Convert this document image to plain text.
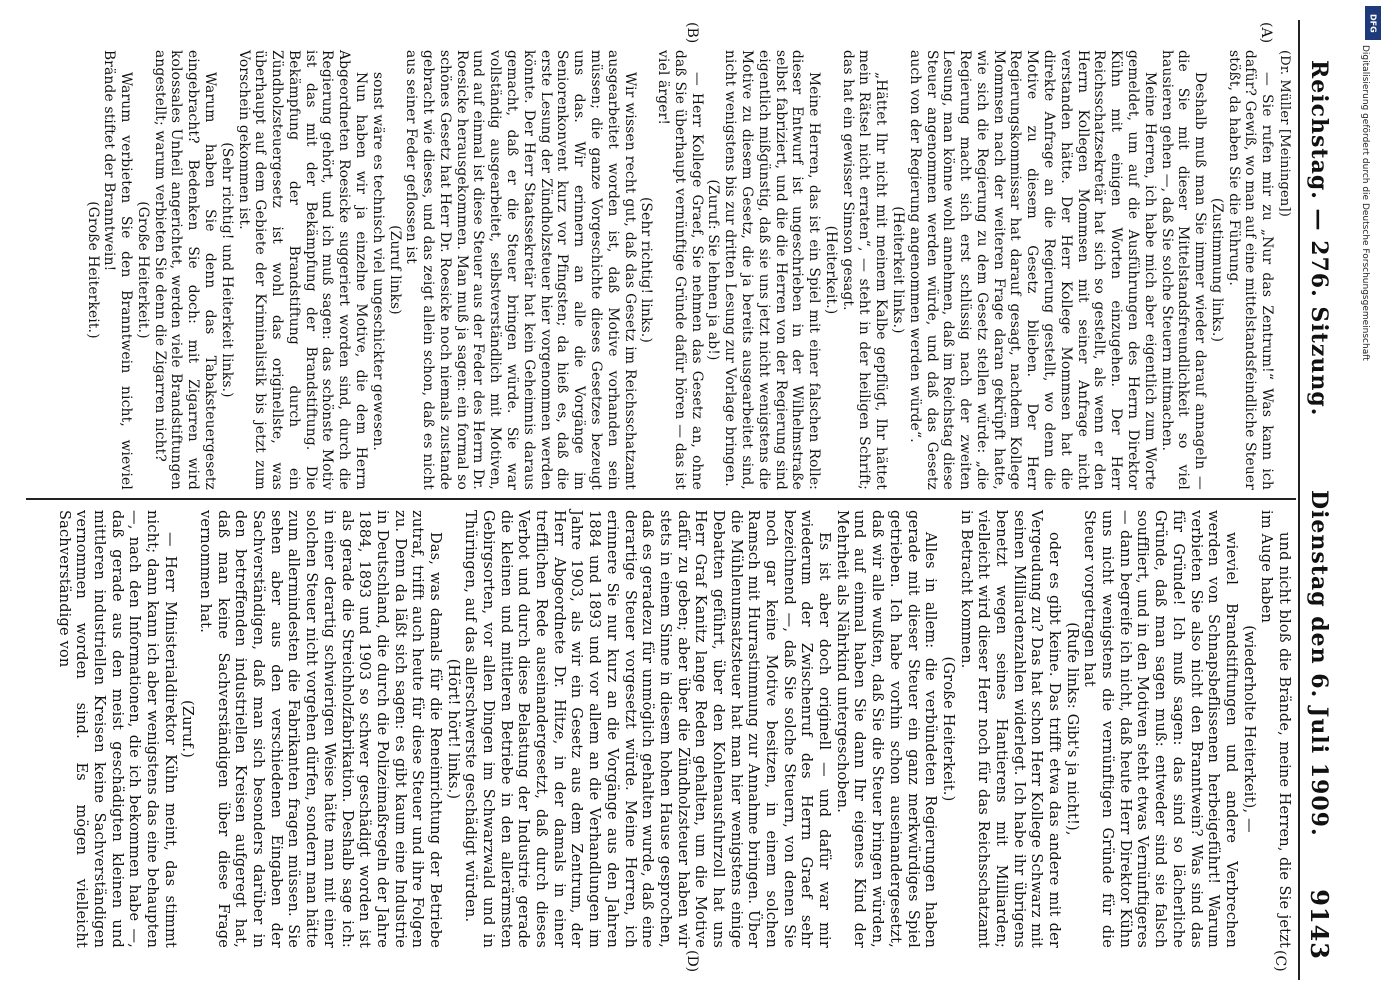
Dienstag den 6. Juli 1909.
Reichstag. — 276. Sitzung.
9143
(A)
(B)
(C)
(D)

(Dr. Müller [Meiningen])

— Sie rufen mir zu „Nur das Zentrum!“ Was kann ich dafür? Gewiß, wo man auf eine mittelstandsfeindliche Steuer stößt, da haben Sie die Führung.

(Zustimmung links.)

Deshalb muß man Sie immer wieder darauf annageln — die Sie mit dieser Mittelstandsfreundlichkeit so viel hausieren gehen —, daß Sie solche Steuern mitmachen.

Meine Herren, ich habe mich aber eigentlich zum Worte gemeldet, um auf die Ausführungen des Herrn Direktor Kühn mit einigen Worten einzugehen. Der Herr Reichsschatzsekretär hat sich so gestellt, als wenn er den Herrn Kollegen Mommsen mit seiner Anfrage nicht verstanden hätte. Der Herr Kollege Mommsen hat die direkte Anfrage an die Regierung gestellt, wo denn die Motive zu diesem Gesetz blieben. Der Herr Regierungskommissar hat darauf gesagt, nachdem Kollege Mommsen nach der weiteren Frage daran gekrüpft hatte, wie sich die Regierung zu dem Gesetz stellen würde: „die Regierung macht sich erst schlüssig nach der zweiten Lesung, man könne wohl annehmen, daß im Reichstag diese Steuer angenommen werden würde, und daß das Gesetz auch von der Regierung angenommen werden würde“.

(Heiterkeit links.)

„Hättet Ihr nicht mit meinem Kalbe gepflügt, Ihr hättet mein Rätsel nicht erraten“, — steht in der heiligen Schrift; das hat ein gewisser Simson gesagt.

(Heiterkeit.)

Meine Herren, das ist ein Spiel mit einer falschen Rolle: dieser Entwurf ist ungeschrieben in der Wilhelmstraße selbst fabriziert, und die die Herren von der Regierung sind eigentlich mißgünstig, daß sie uns jetzt nicht wenigstens die Motive zu diesem Gesetz, die ja bereits ausgearbeitet sind, nicht wenigstens bis zur dritten Lesung zur Vorlage bringen.

(Zuruf: Sie lehnen ja ab!)

— Herr Kollege Graef, Sie nehmen das Gesetz an, ohne daß Sie überhaupt vernünftige Gründe dafür hören — das ist viel ärger!

(Sehr richtig! links.)

Wir wissen recht gut, daß das Gesetz im Reichsschatzamt ausgearbeitet worden ist, daß Motive vorhanden sein müssen; die ganze Vorgeschichte dieses Gesetzes bezeugt uns das. Wir erinnern an alle die Vorgänge im Seniorenkonvent kurz vor Pfingsten; da hieß es, daß die erste Lesung der Zündholzsteuer hier vorgenommen werden könnte. Der Herr Staatssekretär hat kein Geheimnis daraus gemacht, daß er die Steuer bringen würde. Sie war vollständig ausgearbeitet, selbstverständlich mit Motiven, und auf einmal ist diese Steuer aus der Feder des Herrn Dr. Roesicke herausgekommen. Man muß ja sagen: ein formal so schönes Gesetz hat Herr Dr. Roesicke noch niemals zustande gebracht wie dieses, und das zeigt allein schon, daß es nicht aus seiner Feder geflossen ist

(Zuruf links)

sonst wäre es technisch viel ungeschickter gewesen.

Nun haben wir ja einzelne Motive, die dem Herrn Abgeordneten Roesicke suggeriert worden sind, durch die Regierung gehört, und ich muß sagen: das schönste Motiv ist das mit der Bekämpfung der Brandstiftung. Die Bekämpfung der Brandstiftung durch ein Zündholzsteuergesetz ist wohl das originellste, was überhaupt auf dem Gebiete der Kriminalistik bis jetzt zum Vorschein gekommen ist.

(Sehr richtig! und Heiterkeit links.)

Warum haben Sie denn das Tabaksteuergesetz eingebracht? Bedenken Sie doch: mit Zigarren wird kolossales Unheil angerichtet, werden viele Brandstiftungen angestellt; warum verbieten Sie denn die Zigarren nicht?

(Große Heiterkeit.)

Warum verbieten Sie den Branntwein nicht, wieviel Brände stiftet der Branntwein!

(Große Heiterkeit.)

und nicht bloß die Brände, meine Herren, die Sie jetzt im Auge haben

(wiederholte Heiterkeit), —

wieviel Brandstiftungen und andere Verbrechen werden von Schnapsbeflissenen herbeigeführt! Warum verbieten Sie also nicht den Branntwein? Was sind das für Gründe! Ich muß sagen: das sind so lächerliche Gründe, daß man sagen muß: entweder sind sie falsch souffliert, und in den Motiven steht etwas Vernünftigeres — dann begreife ich nicht, daß heute Herr Direktor Kühn uns nicht wenigstens die vernünftigen Gründe für die Steuer vorgetragen hat

(Rufe links: Gibt's ja nicht!),

oder es gibt keine. Das trifft etwa das andere mit der Vergeudung zu? Das hat schon Herr Kollege Schwarz mit seinen Milliardenzahlen widerlegt. Ich habe ihr übrigens benetzt wegen seines Hantierens mit Milliarden; vielleicht wird dieser Herr noch für das Reichsschatzamt in Betracht kommen.

(Große Heiterkeit.)

Alles in allem: die verbündeten Regierungen haben gerade mit dieser Steuer ein ganz merkwürdiges Spiel getrieben. Ich habe vorhin schon auseinandergesetzt, daß wir alle wußten, daß Sie die Steuer bringen würden, und auf einmal haben Sie dann Ihr eigenes Kind der Mehrheit als Nährkind untergeschoben.

Es ist aber doch originell — und dafür war mir wiederum der Zwischenruf des Herrn Graef sehr bezeichnend —, daß Sie solche Steuern, von denen Sie noch gar keine Motive besitzen, in einem solchen Ramsch mit Hurrastimmung zur Annahme bringen. Über die Mühlenumsatzsteuer hat man hier wenigstens einige Debatten geführt, über den Kohlenausfuhrzoll hat uns Herr Graf Kanitz lange Reden gehalten, um die Motive dafür zu geben; aber über die Zündholzsteuer haben wir stets in einem Sinne in diesem hohen Hause gesprochen, daß es geradezu für unmöglich gehalten wurde, daß eine derartige Steuer vorgesetzt würde. Meine Herren, ich erinnere Sie nur kurz an die Vorgänge aus den Jahren 1884 und 1893 und vor allem an die Verhandlungen im Jahre 1903, als wir ein Gesetz aus dem Zentrum, der Herr Abgeordnete Dr. Hitze, in der damals in einer trefflichen Rede auseinandergesetzt, daß durch dieses Verbot und durch diese Belastung der Industrie gerade die kleinen und mittleren Betriebe in den allerärmsten Gebirgsorten, vor allen Dingen im Schwarzwald und in Thüringen, auf das allerschwerste geschädigt würden.

(Hört! hört! links.)

Das, was damals für die Reneinrichtung der Betriebe zutraf, trifft auch heute für diese Steuer und ihre Folgen zu. Denn da läßt sich sagen: es gibt kaum eine Industrie in Deutschland, die durch die Polizeimaßregeln der Jahre 1884, 1893 und 1903 so schwer geschädigt worden ist als gerade die Streichholzfabrikation. Deshalb sage ich: in einer derartig schwierigen Weise hätte man mit einer solchen Steuer nicht vorgehen dürfen, sondern man hätte zum allermindesten die Fabrikanten fragen müssen. Sie sehen aber aus den verschiedenen Eingaben der Sachverständigen, daß man sich besonders darüber in den betreffenden industriellen Kreisen aufgeregt hat, daß man keine Sachverständigen über diese Frage vernommen hat.

(Zuruf.)

— Herr Ministerialdirektor Kühn meint, das stimmt nicht; dann kann ich aber wenigstens das eine behaupten —, nach den Informationen, die ich bekommen habe —, daß gerade aus den meist geschädigten kleinen und mittleren industriellen Kreisen keine Sachverständigen vernommen worden sind. Es mögen vielleicht Sachverständige von

Digitalisierung gefördert durch die Deutsche Forschungsgemeinschaft
DFG
